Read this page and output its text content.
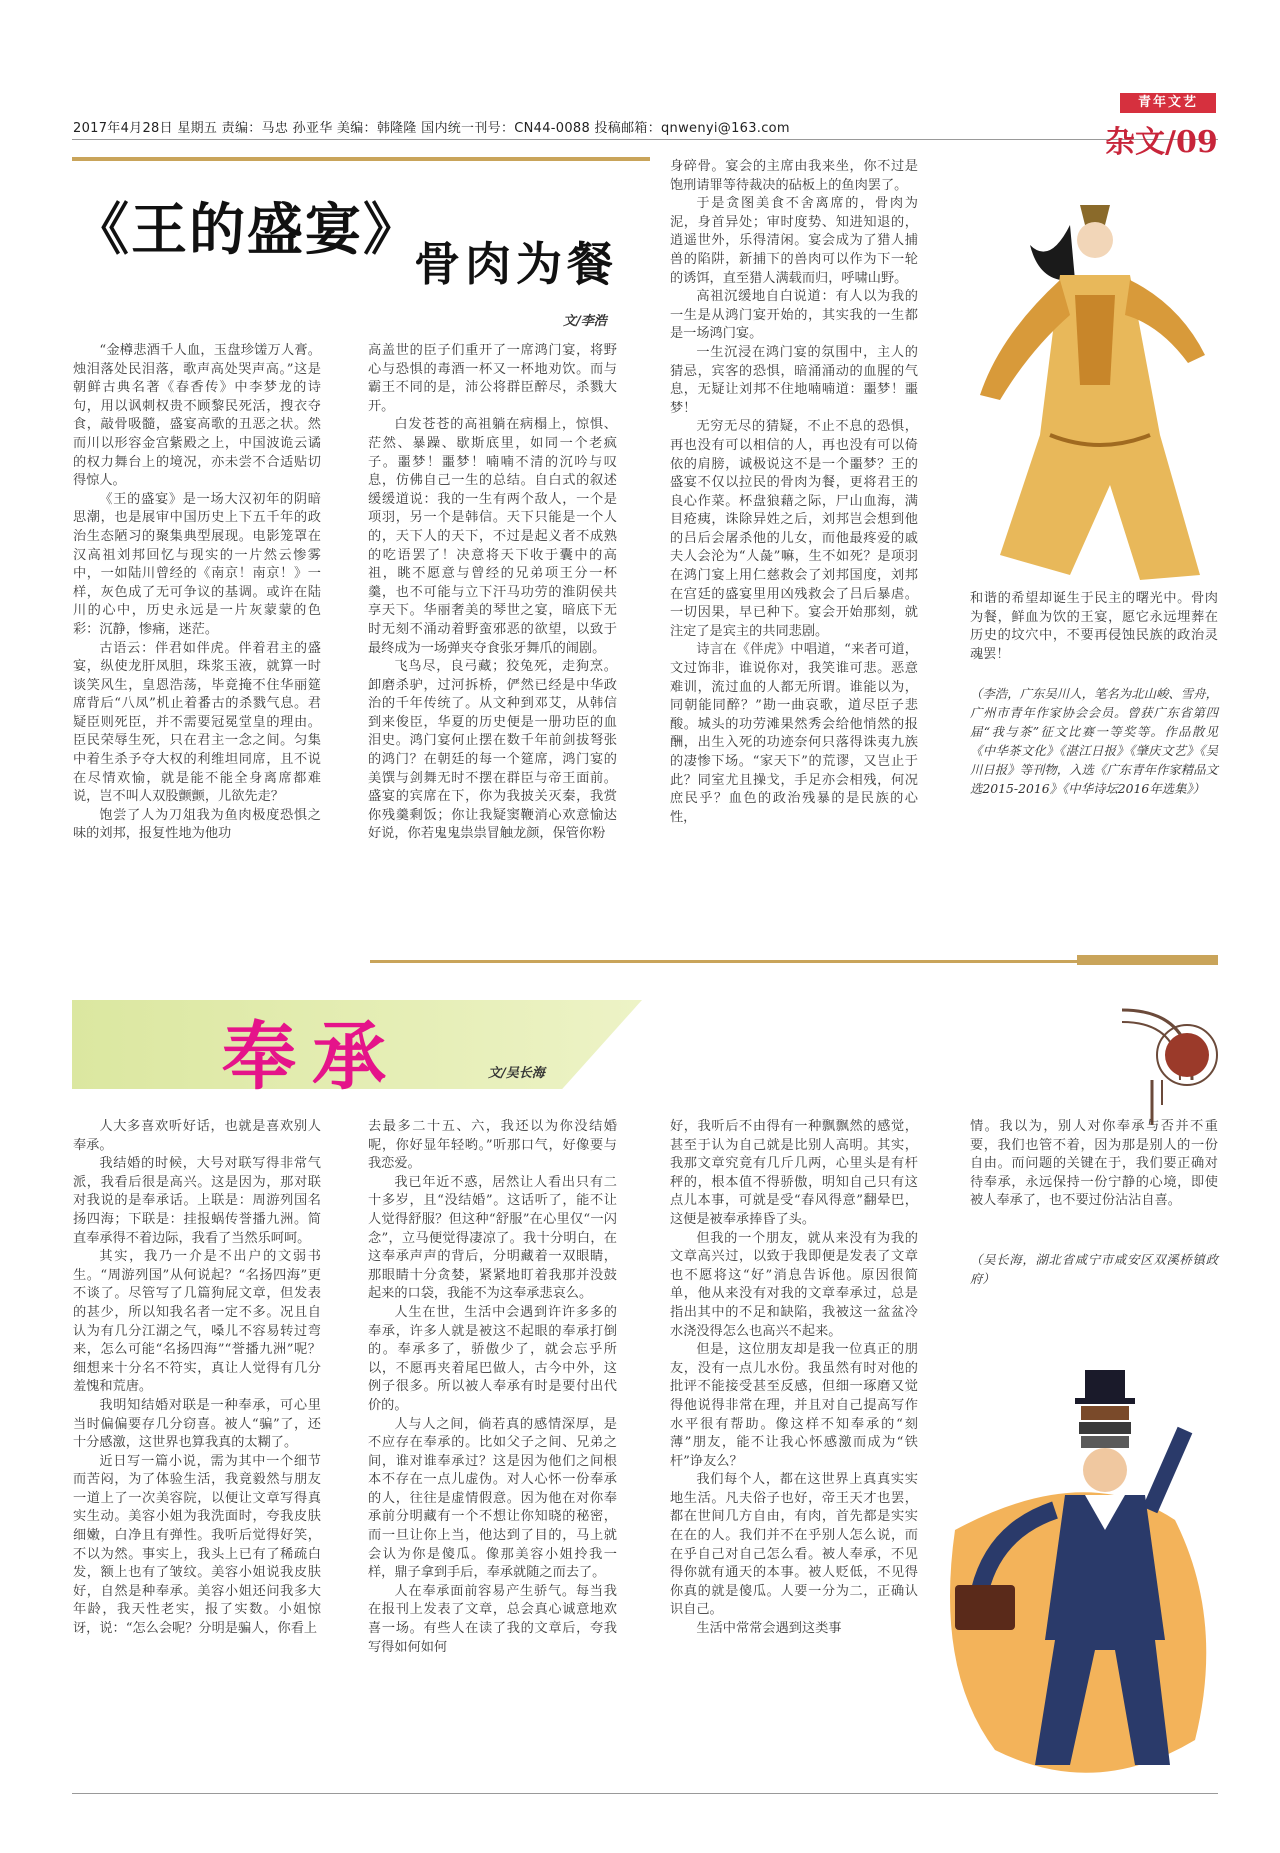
2017年4月28日 星期五 责编：马忠 孙亚华 美编：韩隆隆 国内统一刊号：CN44-0088 投稿邮箱：qnwenyi@163.com
青年文艺
杂文/09
《王的盛宴》
骨肉为餐
文/李浩

“金樽悲酒千人血，玉盘珍馐万人膏。烛泪落处民泪落，歌声高处哭声高。”这是朝鲜古典名著《春香传》中李梦龙的诗句，用以讽刺权贵不顾黎民死活，搜衣夺食，敲骨吸髓，盛宴高歌的丑恶之状。然而川以形容金宫紫殿之上，中国波诡云谲的权力舞台上的境况，亦未尝不合适贴切得惊人。

《王的盛宴》是一场大汉初年的阴暗思潮，也是展审中国历史上下五千年的政治生态陋习的聚集典型展现。电影笼罩在汉高祖刘邦回忆与现实的一片然云惨雾中，一如陆川曾经的《南京！南京！》一样，灰色成了无可争议的基调。或许在陆川的心中，历史永远是一片灰蒙蒙的色彩：沉静，惨痛，迷茫。

古语云：伴君如伴虎。伴着君主的盛宴，纵使龙肝凤胆，珠浆玉液，就算一时谈笑风生，皇恩浩荡，毕竟掩不住华丽筵席背后“八凤”机止着番古的杀戮气息。君疑臣则死臣，并不需要冠冕堂皇的理由。臣民荣辱生死，只在君主一念之间。匀集中着生杀予夺大权的利维坦同席，且不说在尽情欢愉，就是能不能全身离席都难说，岂不叫人双股颤颤，儿欲先走？

饱尝了人为刀俎我为鱼肉极度恐惧之味的刘邦，报复性地为他功

高盖世的臣子们重开了一席鸿门宴，将野心与恐惧的毒酒一杯又一杯地劝饮。而与霸王不同的是，沛公将群臣醉尽，杀戮大开。

白发苍苍的高祖躺在病榻上，惊惧、茫然、暴躁、歇斯底里，如同一个老疯子。噩梦！噩梦！喃喃不清的沉吟与叹息，仿佛自己一生的总结。自白式的叙述缓缓道说：我的一生有两个敌人，一个是项羽，另一个是韩信。天下只能是一个人的，天下人的天下，不过是起义者不成熟的吃语罢了！决意将天下收于囊中的高祖，眺不愿意与曾经的兄弟项王分一杯羹，也不可能与立下汗马功劳的淮阴侯共享天下。华丽奢美的琴世之宴，暗底下无时无刻不涌动着野蛮邪恶的欲望，以致于最终成为一场弹夹夺食张牙舞爪的闹剧。

飞鸟尽，良弓藏；狡兔死，走狗烹。卸磨杀驴，过河拆桥，俨然已经是中华政治的千年传统了。从文种到邓艾，从韩信到来俊臣，华夏的历史便是一册功臣的血泪史。鸿门宴何止摆在数千年前剑拔弩张的鸿门？在朝廷的每一个筵席，鸿门宴的美馔与剑舞无时不摆在群臣与帝王面前。盛宴的宾席在下，你为我披关灭秦，我赏你残羹剩饭；你让我疑窦鞭消心欢意愉达好说，你若鬼鬼祟祟冒触龙颜，保管你粉

身碎骨。宴会的主席由我来坐，你不过是饱刑请罪等待裁决的砧板上的鱼肉罢了。

于是贪图美食不舍离席的，骨肉为泥，身首异处；审时度势、知进知退的，逍遥世外，乐得清闲。宴会成为了猎人捕兽的陷阱，新捕下的兽肉可以作为下一轮的诱饵，直至猎人满载而归，呼啸山野。

高祖沉缓地自白说道：有人以为我的一生是从鸿门宴开始的，其实我的一生都是一场鸿门宴。

一生沉浸在鸿门宴的氛围中，主人的猜忌，宾客的恐惧，暗涌涌动的血腥的气息，无疑让刘邦不住地喃喃道：噩梦！噩梦！

无穷无尽的猜疑，不止不息的恐惧，再也没有可以相信的人，再也没有可以倚依的肩膀，诚极说这不是一个噩梦？王的盛宴不仅以拉民的骨肉为餐，更将君王的良心作菜。杯盘狼藉之际，尸山血海，满目疮痍，诛除异姓之后，刘邦岂会想到他的吕后会屠杀他的儿女，而他最疼爱的戚夫人会沦为“人彘”嘛，生不如死？是项羽在鸿门宴上用仁慈救会了刘邦国度，刘邦在宫廷的盛宴里用凶残救会了吕后暴虐。一切因果，早已种下。宴会开始那刻，就注定了是宾主的共同悲剧。

诗言在《伴虎》中唱道，“来者可道，文过饰非，谁说你对，我笑谁可悲。恶意难训，流过血的人都无所谓。谁能以为，同朝能同醉？”勘一曲哀歌，道尽臣子悲酸。城头的功劳滩果然秀会给他悄然的报酬，出生入死的功迹奈何只落得诛夷九族的凄惨下场。“家天下”的荒谬，又岂止于此？同室尤且操戈，手足亦会相残，何况庶民乎？血色的政治残暴的是民族的心性，

和谐的希望却诞生于民主的曙光中。骨肉为餐，鲜血为饮的王宴，愿它永远埋葬在历史的坟穴中，不要再侵蚀民族的政治灵魂罢！

（李浩，广东吴川人，笔名为北山峻、雪舟，广州市青年作家协会会员。曾获广东省第四届“我与茶”征文比赛一等奖等。作品散见《中华茶文化》《湛江日报》《肇庆文艺》《吴川日报》等刊物，入选《广东青年作家精品文选2015-2016》《中华诗坛2016年选集》）
奉承	文/吴长海

人大多喜欢听好话，也就是喜欢别人奉承。

我结婚的时候，大号对联写得非常气派，我看后很是高兴。这是因为，那对联对我说的是奉承话。上联是：周游列国名扬四海；下联是：挂报蜗传誉播九洲。简直奉承得不着边际，我看了当然乐呵呵。

其实，我乃一介是不出户的文弱书生。“周游列国”从何说起？“名扬四海”更不谈了。尽管写了几篇狗屁文章，但发表的甚少，所以知我名者一定不多。况且自认为有几分江湖之气，嗓儿不容易转过弯来，怎么可能“名扬四海”“誉播九洲”呢？细想来十分名不符实，真让人觉得有几分羞愧和荒唐。

我明知结婚对联是一种奉承，可心里当时偏偏要存几分窃喜。被人“骗”了，还十分感激，这世界也算我真的太糊了。

近日写一篇小说，需为其中一个细节而苦闷，为了体验生活，我竟毅然与朋友一道上了一次美容院，以便让文章写得真实生动。美容小姐为我洗面时，夸我皮肤细嫩，白净且有弹性。我听后觉得好笑，不以为然。事实上，我头上已有了稀疏白发，额上也有了皱纹。美容小姐说我皮肤好，自然是种奉承。美容小姐还问我多大年龄，我天性老实，报了实数。小姐惊讶，说：“怎么会呢？分明是骗人，你看上

去最多二十五、六，我还以为你没结婚呢，你好显年轻哟。”听那口气，好像要与我恋爱。

我已年近不惑，居然让人看出只有二十多岁，且“没结婚”。这话听了，能不让人觉得舒服？但这种“舒服”在心里仅“一闪念”，立马便觉得凄凉了。我十分明白，在这奉承声声的背后，分明藏着一双眼睛，那眼睛十分贪婪，紧紧地盯着我那并没鼓起来的口袋，我能不为这奉承悲哀么。

人生在世，生活中会遇到许许多多的奉承，许多人就是被这不起眼的奉承打倒的。奉承多了，骄傲少了，就会忘乎所以，不愿再夹着尾巴做人，古今中外，这例子很多。所以被人奉承有时是要付出代价的。

人与人之间，倘若真的感情深厚，是不应存在奉承的。比如父子之间、兄弟之间，谁对谁奉承过？这是因为他们之间根本不存在一点儿虚伪。对人心怀一份奉承的人，往往是虚情假意。因为他在对你奉承前分明藏有一个不想让你知晓的秘密，而一旦让你上当，他达到了目的，马上就会认为你是傻瓜。像那美容小姐拎我一样，鼎子拿到手后，奉承就随之而去了。

人在奉承面前容易产生骄气。每当我在报刊上发表了文章，总会真心诚意地欢喜一场。有些人在读了我的文章后，夸我写得如何如何

好，我听后不由得有一种飘飘然的感觉，甚至于认为自己就是比别人高明。其实，我那文章究竟有几斤几两，心里头是有杆秤的，根本值不得骄傲，明知自己只有这点儿本事，可就是受“春风得意”翻晕巴，这便是被奉承捧昏了头。

但我的一个朋友，就从来没有为我的文章高兴过，以致于我即便是发表了文章也不愿将这“好”消息告诉他。原因很简单，他从来没有对我的文章奉承过，总是指出其中的不足和缺陷，我被这一盆盆冷水浇没得怎么也高兴不起来。

但是，这位朋友却是我一位真正的朋友，没有一点儿水份。我虽然有时对他的批评不能接受甚至反感，但细一琢磨又觉得他说得非常在理，并且对自己提高写作水平很有帮助。像这样不知奉承的“刻薄”朋友，能不让我心怀感激而成为“铁杆”诤友么？

我们每个人，都在这世界上真真实实地生活。凡夫俗子也好，帝王天才也罢，都在世间几方自由，有肉，首先都是实实在在的人。我们并不在乎别人怎么说，而在乎自己对自己怎么看。被人奉承，不见得你就有通天的本事。被人贬低，不见得你真的就是傻瓜。人要一分为二，正确认识自己。

生活中常常会遇到这类事

情。我以为，别人对你奉承与否并不重要，我们也管不着，因为那是别人的一份自由。而问题的关键在于，我们要正确对待奉承，永远保持一份宁静的心境，即使被人奉承了，也不要过份沾沾自喜。

（吴长海，湖北省咸宁市咸安区双溪桥镇政府）
